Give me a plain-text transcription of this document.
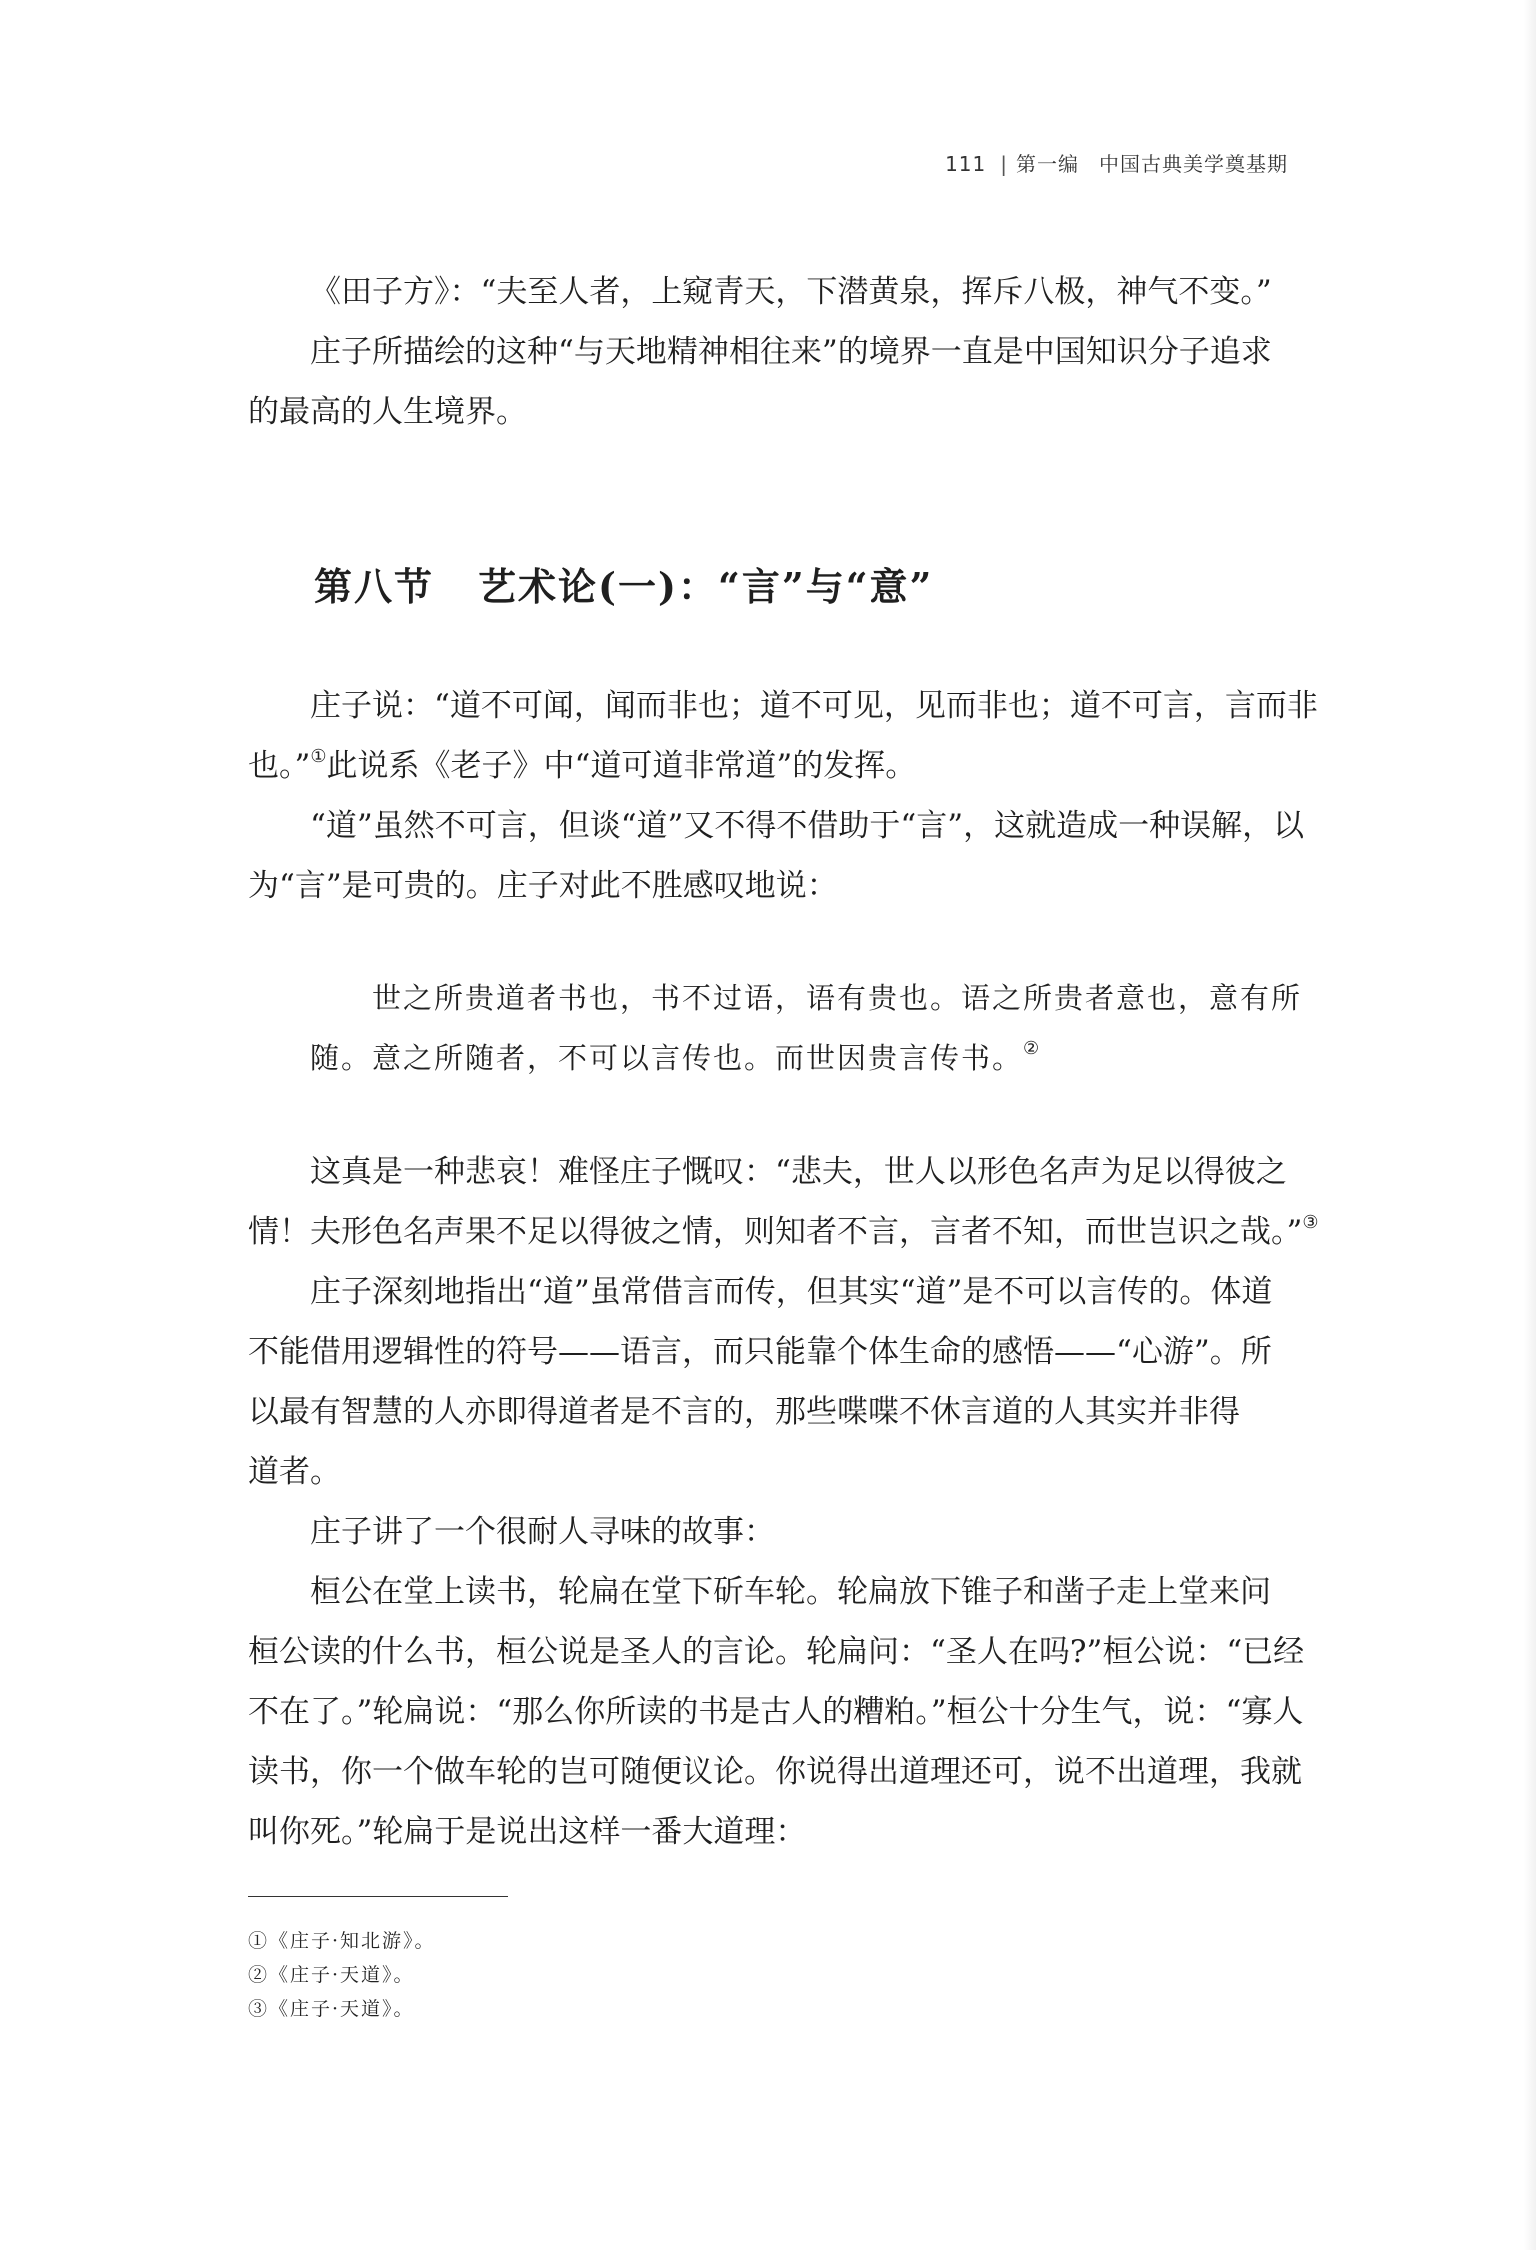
111 | 第一编 中国古典美学奠基期
《田子方》：“夫至人者，上窥青天，下潜黄泉，挥斥八极，神气不变。”
庄子所描绘的这种“与天地精神相往来”的境界一直是中国知识分子追求
的最高的人生境界。
第八节 艺术论(一)：“言”与“意”
庄子说：“道不可闻，闻而非也；道不可见，见而非也；道不可言，言而非
也。”①此说系《老子》中“道可道非常道”的发挥。
“道”虽然不可言，但谈“道”又不得不借助于“言”，这就造成一种误解，以
为“言”是可贵的。庄子对此不胜感叹地说：
世之所贵道者书也，书不过语，语有贵也。语之所贵者意也，意有所
随。意之所随者，不可以言传也。而世因贵言传书。②
这真是一种悲哀！难怪庄子慨叹：“悲夫，世人以形色名声为足以得彼之
情！夫形色名声果不足以得彼之情，则知者不言，言者不知，而世岂识之哉。”③
庄子深刻地指出“道”虽常借言而传，但其实“道”是不可以言传的。体道
不能借用逻辑性的符号——语言，而只能靠个体生命的感悟——“心游”。所
以最有智慧的人亦即得道者是不言的，那些喋喋不休言道的人其实并非得
道者。
庄子讲了一个很耐人寻味的故事：
桓公在堂上读书，轮扁在堂下斫车轮。轮扁放下锥子和凿子走上堂来问
桓公读的什么书，桓公说是圣人的言论。轮扁问：“圣人在吗?”桓公说：“已经
不在了。”轮扁说：“那么你所读的书是古人的糟粕。”桓公十分生气，说：“寡人
读书，你一个做车轮的岂可随便议论。你说得出道理还可，说不出道理，我就
叫你死。”轮扁于是说出这样一番大道理：
①《庄子·知北游》。
②《庄子·天道》。
③《庄子·天道》。
